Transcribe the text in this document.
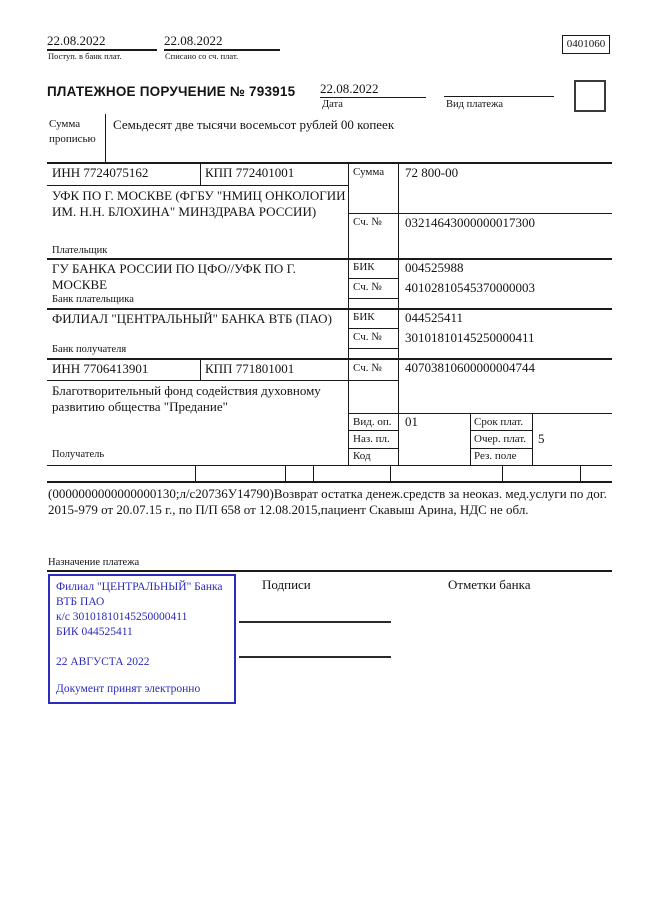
22.08.2022
Поступ. в банк плат.
22.08.2022
Списано со сч. плат.
0401060
ПЛАТЕЖНОЕ ПОРУЧЕНИЕ № 793915 22.08.2022
Дата	Вид платежа
Сумма прописью
Семьдесят две тысячи восемьсот рублей 00 копеек
ИНН 7724075162	КПП 772401001
УФК ПО Г. МОСКВЕ (ФГБУ "НМИЦ ОНКОЛОГИИ ИМ. Н.Н. БЛОХИНА" МИНЗДРАВА РОССИИ)
Плательщик
Сумма 72 800-00
Сч. № 03214643000000017300
ГУ БАНКА РОССИИ ПО ЦФО//УФК ПО Г. МОСКВЕ
Банк плательщика
БИК 004525988
Сч. № 40102810545370000003
ФИЛИАЛ "ЦЕНТРАЛЬНЫЙ" БАНКА ВТБ (ПАО)
Банк получателя
БИК 044525411
Сч. № 30101810145250000411
ИНН 7706413901	КПП 771801001	Сч. № 40703810600000004744
Благотворительный фонд содействия духовному развитию общества "Предание"
Получатель
Вид. оп. 01	Срок плат.
Наз. пл.	Очер. плат. 5
Код	Рез. поле
(0000000000000000130;л/с20736У14790)Возврат остатка денеж.средств за неоказ. мед.услуги по дог. 2015-979 от 20.07.15 г., по П/П 658 от 12.08.2015,пациент Скавыш Арина, НДС не обл.
Назначение платежа
Подписи	Отметки банка
Филиал "ЦЕНТРАЛЬНЫЙ" Банка
ВТБ ПАО
к/с 30101810145250000411
БИК 044525411
22 АВГУСТА 2022
Документ принят электронно
